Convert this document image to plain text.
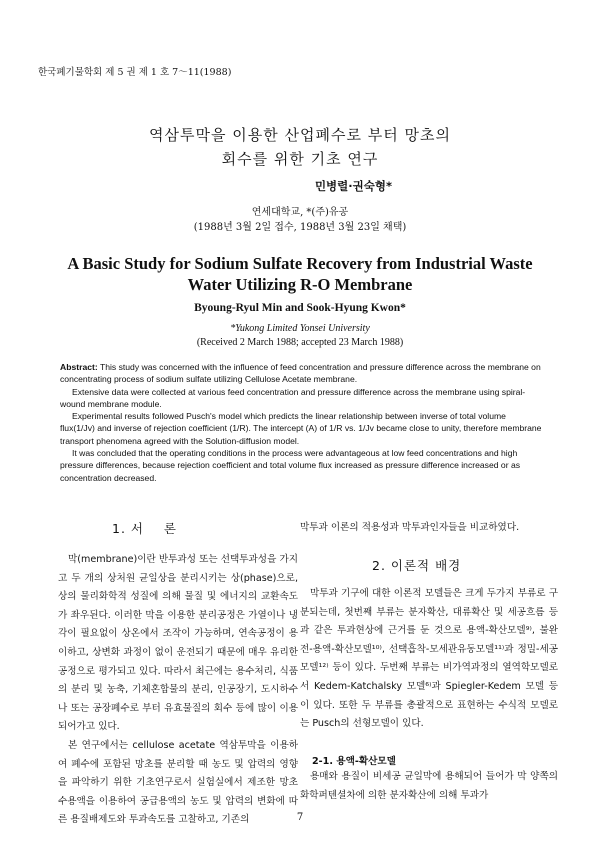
한국폐기물학회 제 5 권 제 1 호 7～11(1988)
역삼투막을 이용한 산업폐수로 부터 망초의
회수를 위한 기초 연구
민병렬·권숙형*
연세대학교, *(주)유공
(1988년 3월 2일 접수, 1988년 3월 23일 채택)
A Basic Study for Sodium Sulfate Recovery from Industrial Waste
Water Utilizing R-O Membrane
Byoung-Ryul Min and Sook-Hyung Kwon*
*Yukong Limited Yonsei University
(Received 2 March 1988; accepted 23 March 1988)

Abstract: This study was concerned with the influence of feed concentration and pressure difference across the membrane on concentrating process of sodium sulfate utilizing Cellulose Acetate membrane.

Extensive data were collected at various feed concentration and pressure difference across the membrane using spiral-wound membrane module.

Experimental results followed Pusch's model which predicts the linear relationship between inverse of total volume flux(1/Jv) and inverse of rejection coefficient (1/R). The intercept (A) of 1/R vs. 1/Jv became close to unity, therefore membrane transport phenomena agreed with the Solution-diffusion model.

It was concluded that the operating conditions in the process were advantageous at low feed concentrations and high pressure differences, because rejection coefficient and total volume flux increased as pressure difference increased or as concentration decreased.

1. 서    론

막(membrane)이란 반투과성 또는 선택투과성을 가지고 두 개의 상처원 균일상을 분리시키는 상(phase)으로, 상의 물리화학적 성질에 의해 물질 및 에너지의 교환속도가 좌우된다. 이러한 막을 이용한 분리공정은 가열이나 냉각이 필요없이 상온에서 조작이 가능하며, 연속공정이 용이하고, 상변화 과정이 없이 운전되기 때문에 매우 유리한 공정으로 평가되고 있다. 따라서 최근에는 용수처리, 식품의 분리 및 농축, 기체혼합물의 분리, 인공장기, 도시하수나 또는 공장폐수로 부터 유효물질의 회수 등에 많이 이용되어가고 있다.

본 연구에서는 cellulose acetate 역삼투막을 이용하여 폐수에 포함된 망초를 분리할 때 농도 및 압력의 영향을 파악하기 위한 기초연구로서 실험실에서 제조한 망초수용액을 이용하여 공급용액의 농도 및 압력의 변화에 따른 용질배제도와 투과속도를 고찰하고, 기존의

막투과 이론의 적용성과 막투과인자들을 비교하였다.
2. 이론적 배경

막투과 기구에 대한 이론적 모델들은 크게 두가지 부류로 구분되는데, 첫번째 부류는 분자확산, 대류확산 및 세공흐름 등과 같은 투과현상에 근거를 둔 것으로 용액-확산모델⁹⁾, 불완전-용액-확산모델¹⁰⁾, 선택흡착-모세관유동모델¹¹⁾과 정밀-세공모델¹²⁾ 등이 있다. 두번째 부류는 비가역과정의 열역학모델로서 Kedem-Katchalsky 모델⁶⁾과 Spiegler-Kedem 모델 등이 있다. 또한 두 부류를 총괄적으로 표현하는 수식적 모델로는 Pusch의 선형모델이 있다.

2-1. 용액-확산모델

용매와 용질이 비세공 균일막에 용해되어 들어가 막 양쪽의 화학퍼텐셜차에 의한 분자확산에 의해 투과가

7
